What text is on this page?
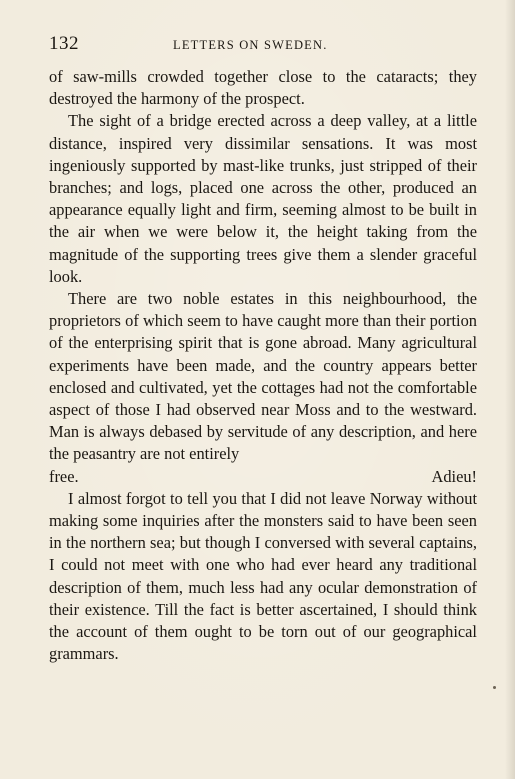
132	LETTERS ON SWEDEN.

of saw-mills crowded together close to the cataracts; they destroyed the harmony of the prospect.

The sight of a bridge erected across a deep valley, at a little distance, inspired very dissimilar sensations. It was most ingeniously supported by mast-like trunks, just stripped of their branches; and logs, placed one across the other, produced an appearance equally light and firm, seeming almost to be built in the air when we were below it, the height taking from the magnitude of the supporting trees give them a slender graceful look.

There are two noble estates in this neighbourhood, the proprietors of which seem to have caught more than their portion of the enterprising spirit that is gone abroad. Many agricultural experiments have been made, and the country appears better enclosed and cultivated, yet the cottages had not the comfortable aspect of those I had observed near Moss and to the westward. Man is always debased by servitude of any description, and here the peasantry are not entirely

free.	Adieu!

I almost forgot to tell you that I did not leave Norway without making some inquiries after the monsters said to have been seen in the northern sea; but though I conversed with several captains, I could not meet with one who had ever heard any traditional description of them, much less had any ocular demonstration of their existence. Till the fact is better ascertained, I should think the account of them ought to be torn out of our geographical grammars.
